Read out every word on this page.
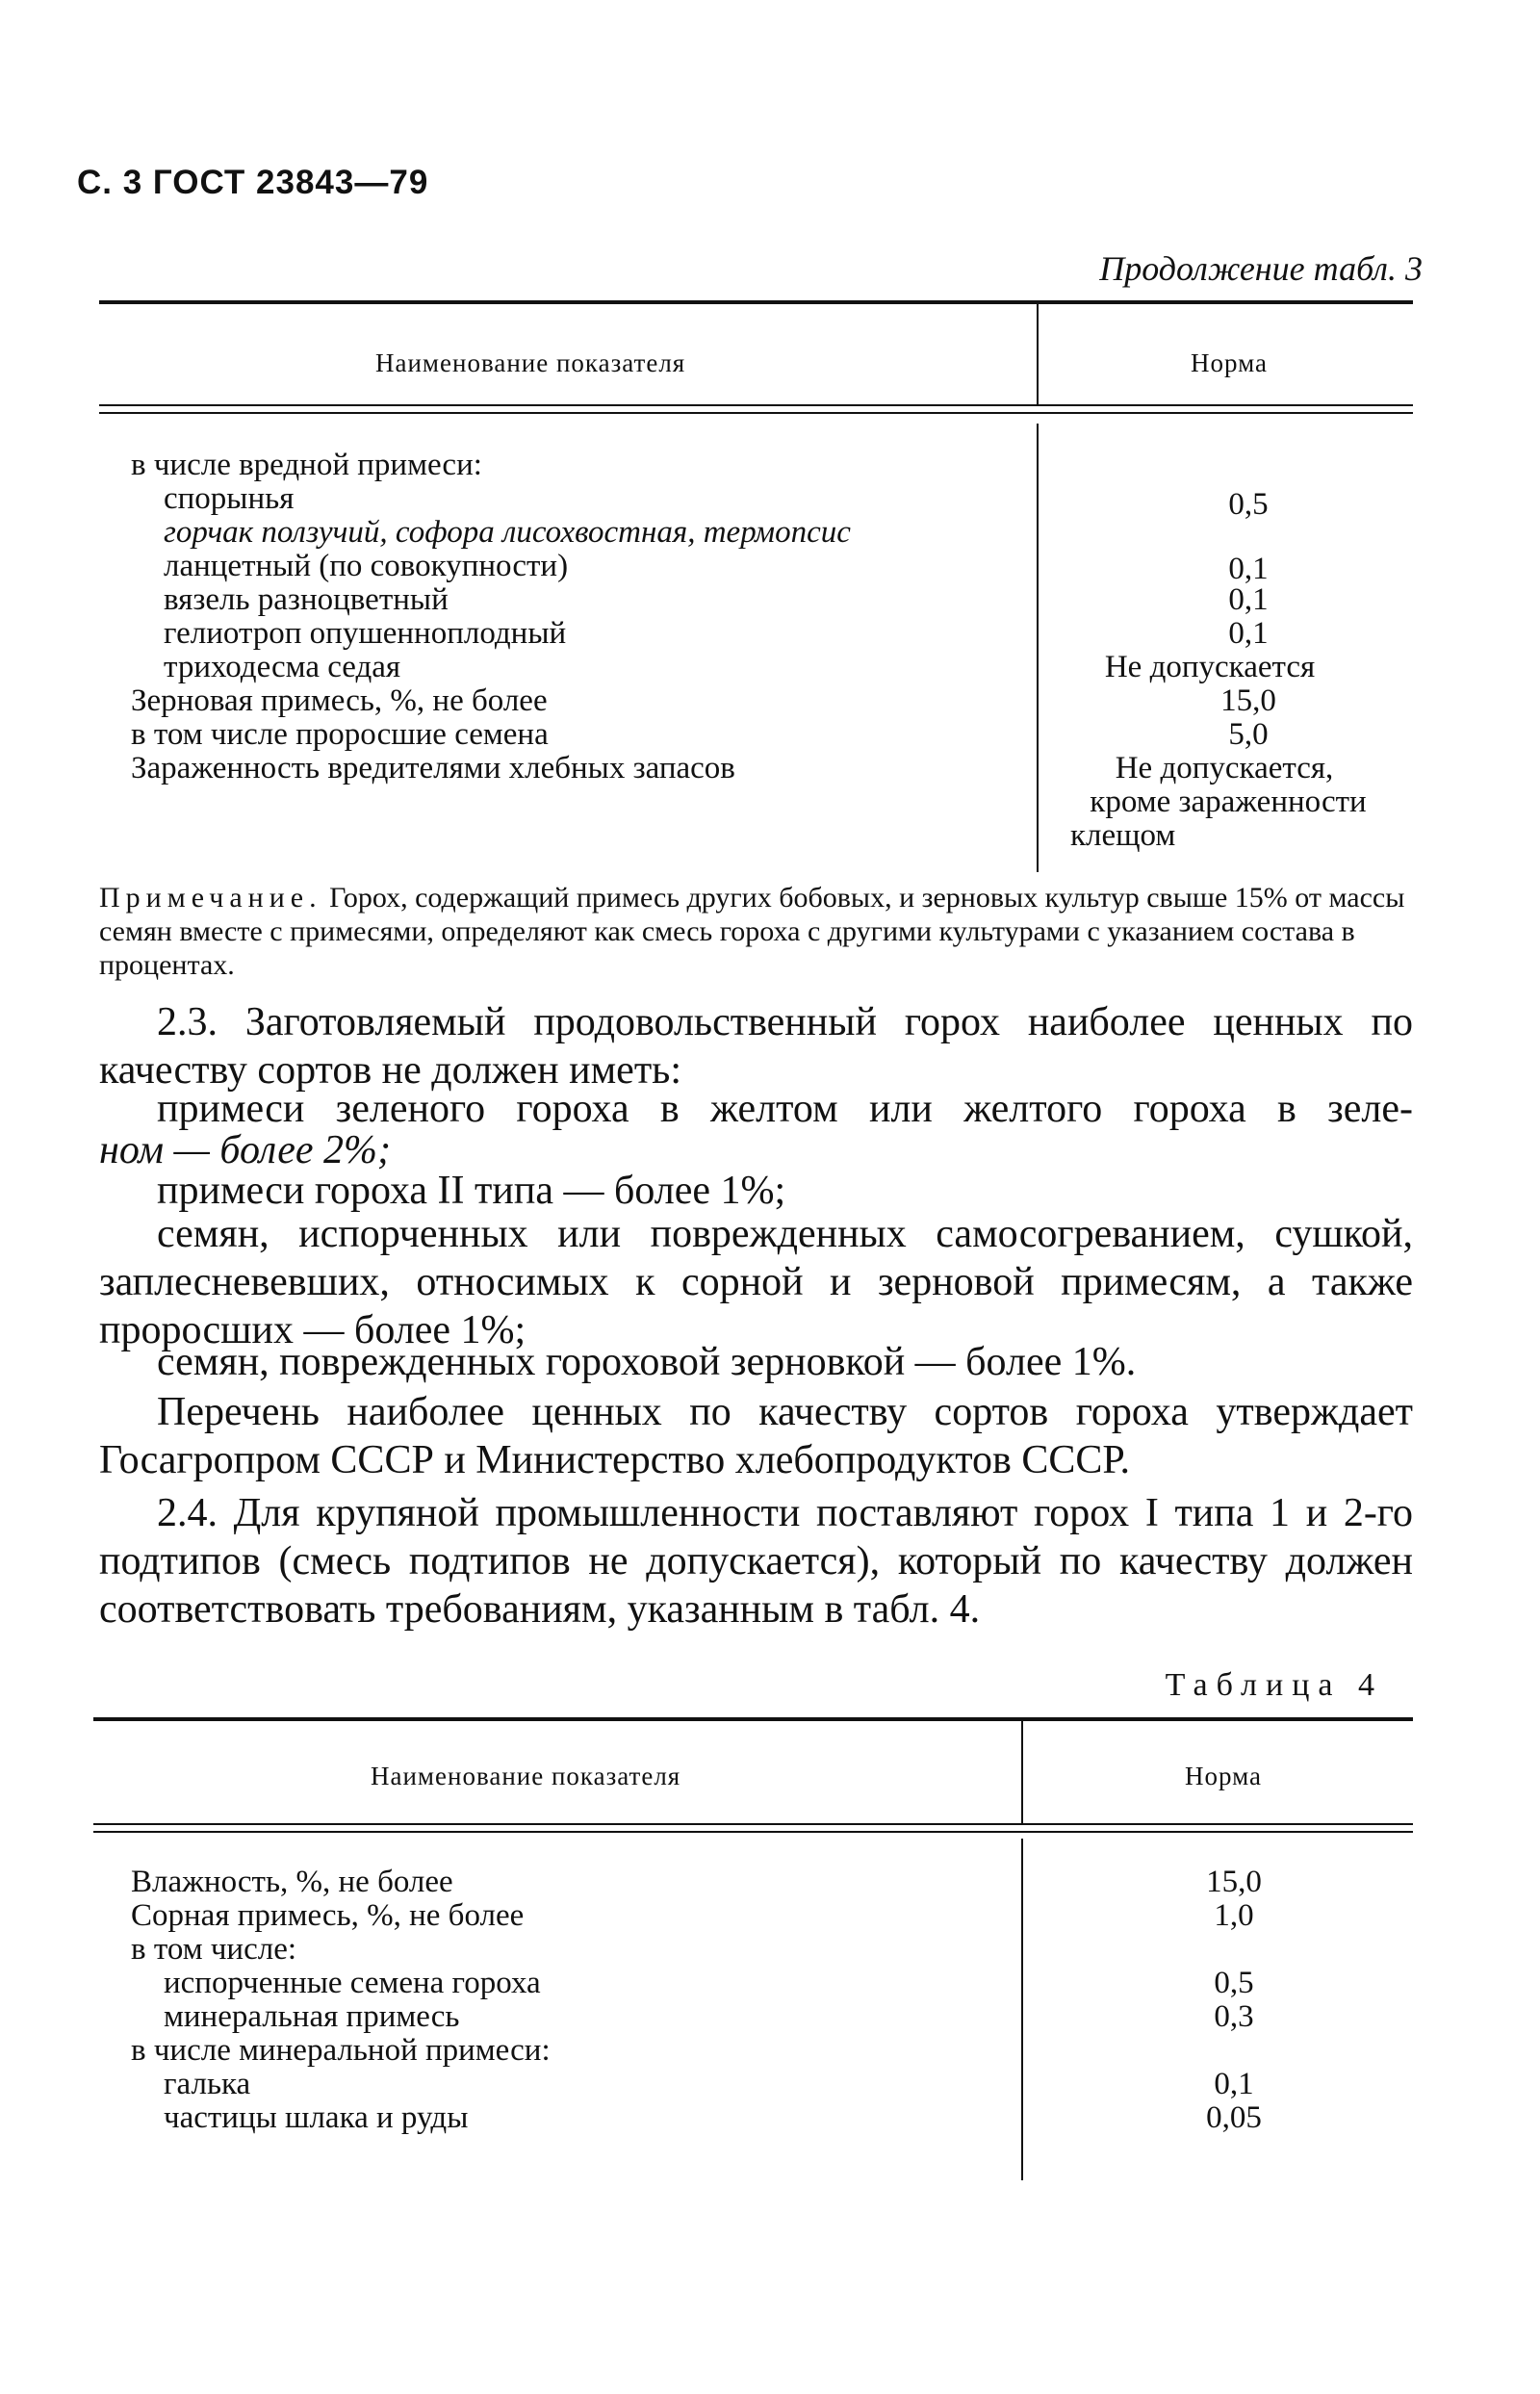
С. 3 ГОСТ 23843—79
Продолжение табл. 3
Наименование показателя	Норма
в числе вредной примеси:
спорынья	0,5
горчак ползучий, софора лисохвостная, термопсис
ланцетный (по совокупности)	0,1
вязель разноцветный	0,1
гелиотроп опушенноплодный	0,1
триходесма седая	Не допускается
Зерновая примесь, %, не более	15,0
в том числе проросшие семена	5,0
Зараженность вредителями хлебных запасов	Не допускается,
кроме зараженности
клещом
Примечание. Горох, содержащий примесь других бобовых, и зерновых культур свыше 15% от массы семян вместе с примесями, определяют как смесь гороха с другими культурами с указанием состава в процентах.
2.3. Заготовляемый продовольственный горох наиболее ценных по качеству сортов не должен иметь:
примеси зеленого гороха в желтом или желтого гороха в зеле-
ном — более 2%;
примеси гороха II типа — более 1%;
семян, испорченных или поврежденных самосогреванием, сушкой, заплесневевших, относимых к сорной и зерновой примесям, а также проросших — более 1%;
семян, поврежденных гороховой зерновкой — более 1%.
Перечень наиболее ценных по качеству сортов гороха утверждает Госагропром СССР и Министерство хлебопродуктов СССР.
2.4. Для крупяной промышленности поставляют горох I типа 1 и 2-го подтипов (смесь подтипов не допускается), который по качеству должен соответствовать требованиям, указанным в табл. 4.
Таблица 4
Наименование показателя	Норма
Влажность, %, не более	15,0
Сорная примесь, %, не более	1,0
в том числе:
испорченные семена гороха	0,5
минеральная примесь	0,3
в числе минеральной примеси:
галька	0,1
частицы шлака и руды	0,05
